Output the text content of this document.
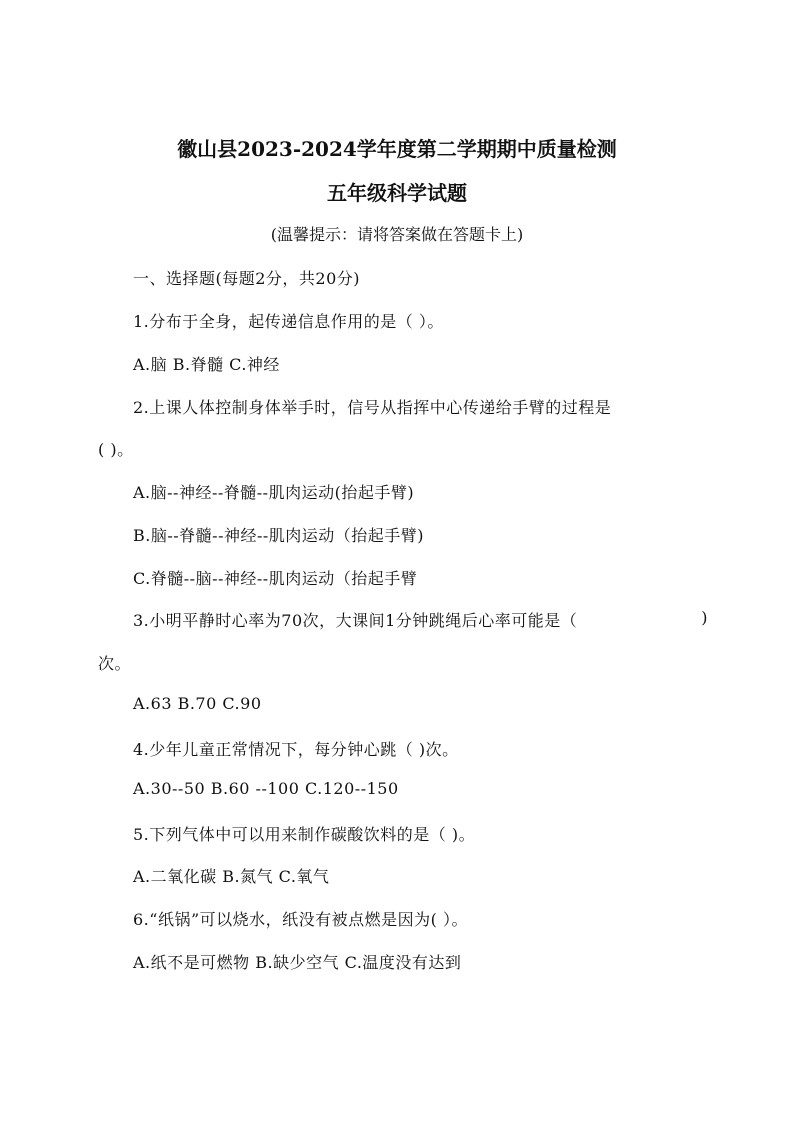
徽山县2023-2024学年度第二学期期中质量检测
五年级科学试题
(温馨提示：请将答案做在答题卡上)
一、选择题(每题2分，共20分)
1.分布于全身，起传递信息作用的是（ ）。
A.脑 B.脊髓 C.神经
2.上课人体控制身体举手时，信号从指挥中心传递给手臂的过程是
( )。
A.脑--神经--脊髓--肌肉运动(抬起手臂)
B.脑--脊髓--神经--肌肉运动（抬起手臂)
C.脊髓--脑--神经--肌肉运动（抬起手臂
3.小明平静时心率为70次，大课间1分钟跳绳后心率可能是（	)
次。
A.63 B.70 C.90
4.少年儿童正常情况下，每分钟心跳（ )次。
A.30--50 B.60 --100 C.120--150
5.下列气体中可以用来制作碳酸饮料的是（ )。
A.二氧化碳 B.氮气 C.氧气
6.“纸锅”可以烧水，纸没有被点燃是因为( ）。
A.纸不是可燃物 B.缺少空气 C.温度没有达到
